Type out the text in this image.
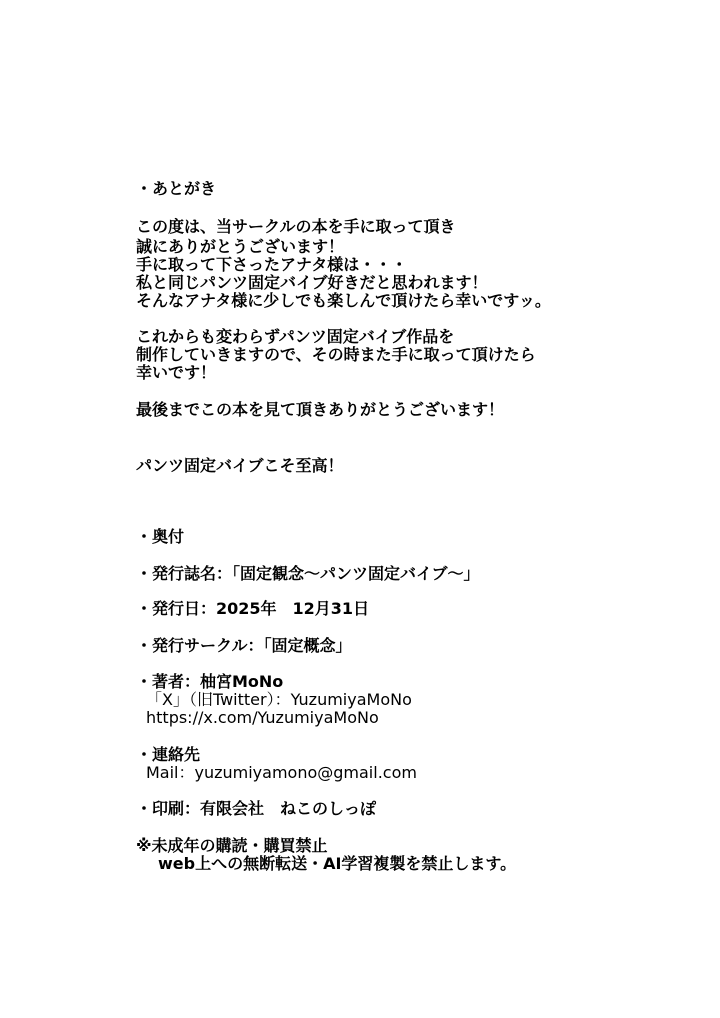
・あとがき
この度は、当サークルの本を手に取って頂き
誠にありがとうございます！
手に取って下さったアナタ様は・・・
私と同じパンツ固定バイブ好きだと思われます！
そんなアナタ様に少しでも楽しんで頂けたら幸いですッ。
これからも変わらずパンツ固定バイブ作品を
制作していきますので、その時また手に取って頂けたら
幸いです！
最後までこの本を見て頂きありがとうございます！
パンツ固定バイブこそ至高！
・奥付
・発行誌名：「固定観念～パンツ固定バイブ～」
・発行日：2025年　12月31日
・発行サークル：「固定概念」
・著者：柚宮MoNo
「X」（旧Twitter）：YuzumiyaMoNo
https://x.com/YuzumiyaMoNo
・連絡先
Mail：yuzumiyamono@gmail.com
・印刷：有限会社　ねこのしっぽ
※未成年の購読・購買禁止
web上への無断転送・AI学習複製を禁止します。
